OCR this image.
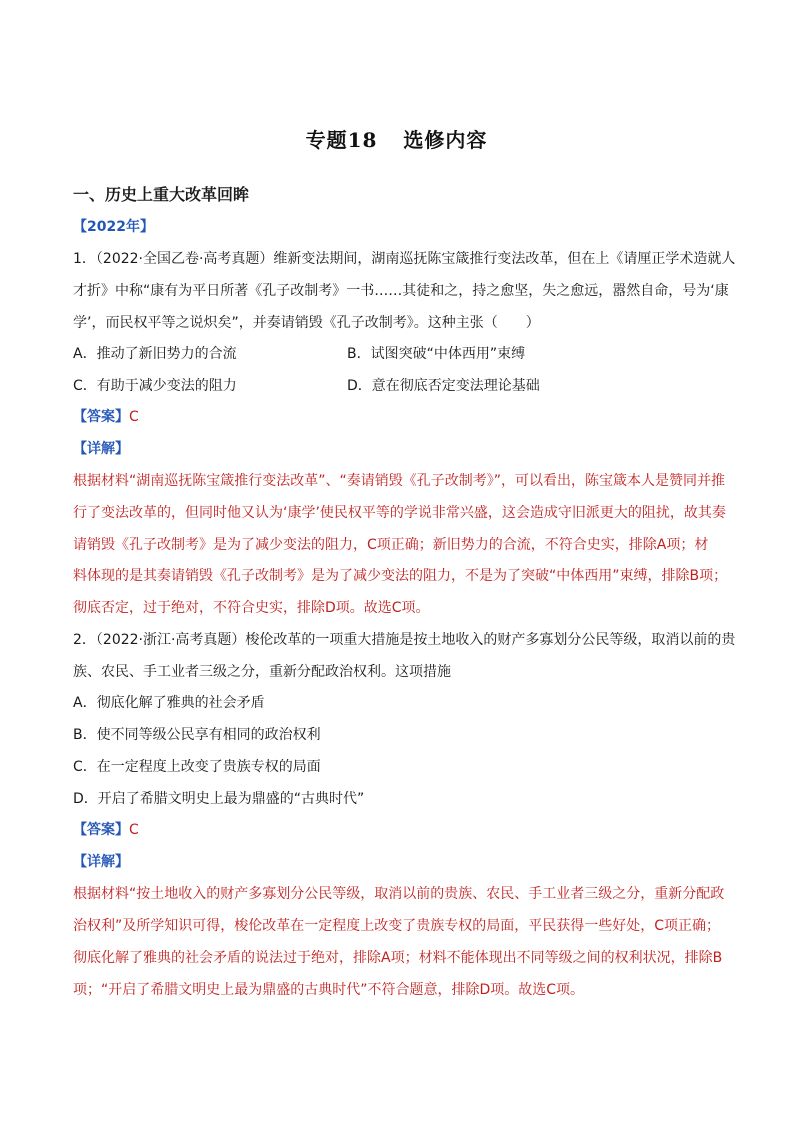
专题18 选修内容
一、历史上重大改革回眸
【2022年】
1．（2022·全国乙卷·高考真题）维新变法期间，湖南巡抚陈宝箴推行变法改革，但在上《请厘正学术造就人
才折》中称“康有为平日所著《孔子改制考》一书……其徒和之，持之愈坚，失之愈远，嚣然自命，号为‘康
学’，而民权平等之说炽矣”，并奏请销毁《孔子改制考》。这种主张（　　）
A．推动了新旧势力的合流	B．试图突破“中体西用”束缚
C．有助于减少变法的阻力	D．意在彻底否定变法理论基础
【答案】C
【详解】
根据材料“湖南巡抚陈宝箴推行变法改革”、“奏请销毁《孔子改制考》”，可以看出，陈宝箴本人是赞同并推
行了变法改革的，但同时他又认为‘康学’使民权平等的学说非常兴盛，这会造成守旧派更大的阻扰，故其奏
请销毁《孔子改制考》是为了减少变法的阻力，C项正确；新旧势力的合流，不符合史实，排除A项；材
料体现的是其奏请销毁《孔子改制考》是为了减少变法的阻力，不是为了突破“中体西用”束缚，排除B项；
彻底否定，过于绝对，不符合史实，排除D项。故选C项。
2．（2022·浙江·高考真题）梭伦改革的一项重大措施是按土地收入的财产多寡划分公民等级，取消以前的贵
族、农民、手工业者三级之分，重新分配政治权利。这项措施
A．彻底化解了雅典的社会矛盾
B．使不同等级公民享有相同的政治权利
C．在一定程度上改变了贵族专权的局面
D．开启了希腊文明史上最为鼎盛的“古典时代”
【答案】C
【详解】
根据材料“按土地收入的财产多寡划分公民等级，取消以前的贵族、农民、手工业者三级之分，重新分配政
治权利”及所学知识可得，梭伦改革在一定程度上改变了贵族专权的局面，平民获得一些好处，C项正确；
彻底化解了雅典的社会矛盾的说法过于绝对，排除A项；材料不能体现出不同等级之间的权利状况，排除B
项；“开启了希腊文明史上最为鼎盛的古典时代”不符合题意，排除D项。故选C项。
